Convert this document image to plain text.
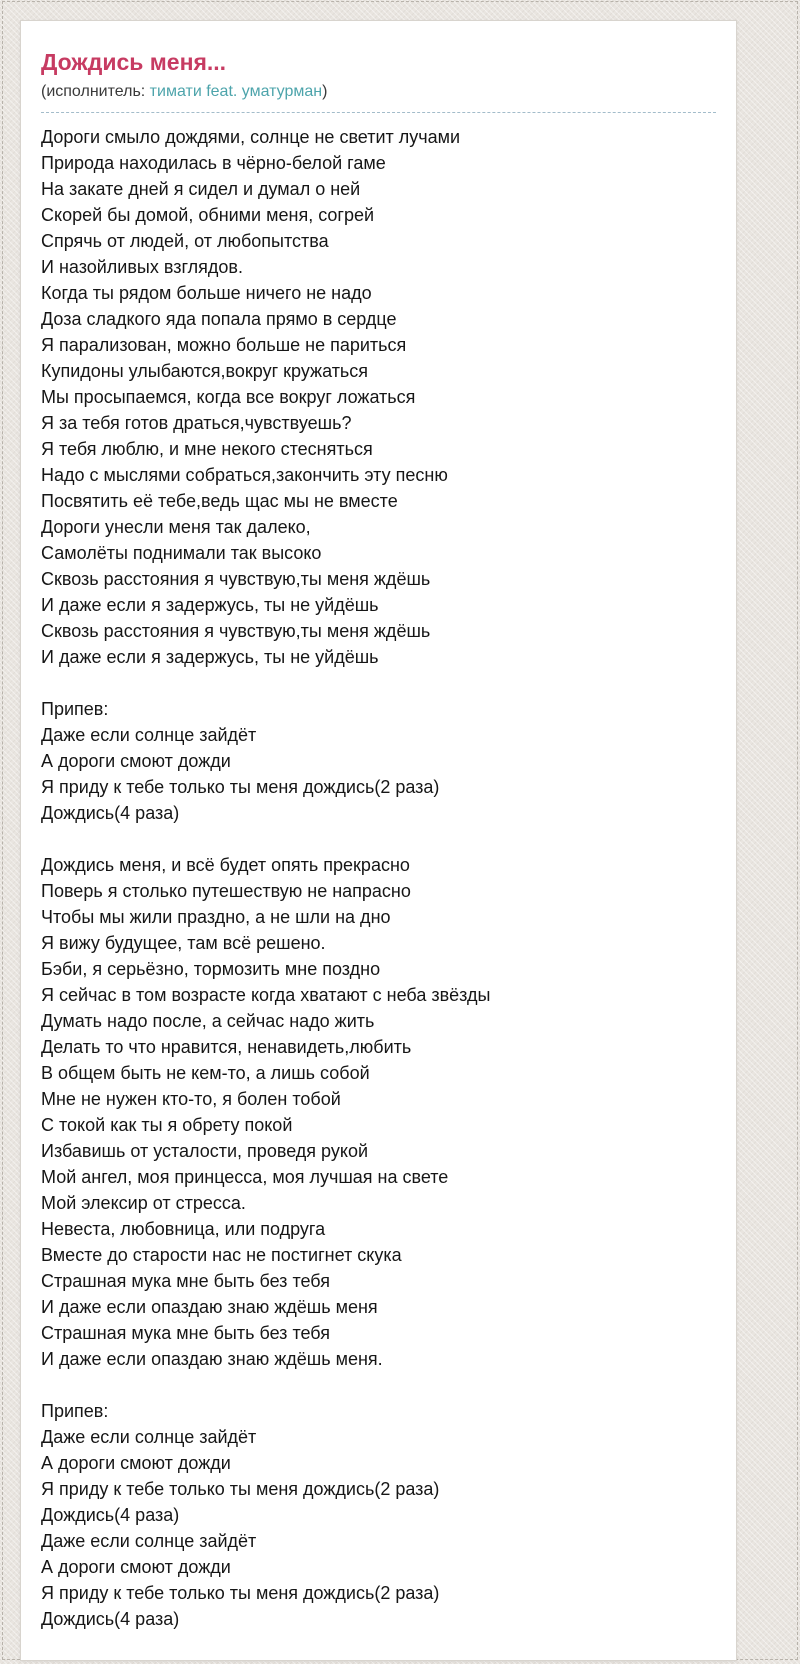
Дождись меня...
(исполнитель: тимати feat. уматурман)
Дороги смыло дождями, солнце не светит лучами
Природа находилась в чёрно-белой гаме
На закате дней я сидел и думал о ней
Скорей бы домой, обними меня, согрей
Спрячь от людей, от любопытства
И назойливых взглядов.
Когда ты рядом больше ничего не надо
Доза сладкого яда попала прямо в сердце
Я парализован, можно больше не париться
Купидоны улыбаются,вокруг кружаться
Мы просыпаемся, когда все вокруг ложаться
Я за тебя готов драться,чувствуешь?
Я тебя люблю, и мне некого стесняться
Надо с мыслями собраться,закончить эту песню
Посвятить её тебе,ведь щас мы не вместе
Дороги унесли меня так далеко,
Самолёты поднимали так высоко
Сквозь расстояния я чувствую,ты меня ждёшь
И даже если я задержусь, ты не уйдёшь
Сквозь расстояния я чувствую,ты меня ждёшь
И даже если я задержусь, ты не уйдёшь
Припев:
Даже если солнце зайдёт
А дороги смоют дожди
Я приду к тебе только ты меня дождись(2 раза)
Дождись(4 раза)
Дождись меня, и всё будет опять прекрасно
Поверь я столько путешествую не напрасно
Чтобы мы жили праздно, а не шли на дно
Я вижу будущее, там всё решено.
Бэби, я серьёзно, тормозить мне поздно
Я сейчас в том возрасте когда хватают с неба звёзды
Думать надо после, а сейчас надо жить
Делать то что нравится, ненавидеть,любить
В общем быть не кем-то, а лишь собой
Мне не нужен кто-то, я болен тобой
С токой как ты я обрету покой
Избавишь от усталости, проведя рукой
Мой ангел, моя принцесса, моя лучшая на свете
Мой элексир от стресса.
Невеста, любовница, или подруга
Вместе до старости нас не постигнет скука
Страшная мука мне быть без тебя
И даже если опаздаю знаю ждёшь меня
Страшная мука мне быть без тебя
И даже если опаздаю знаю ждёшь меня.
Припев:
Даже если солнце зайдёт
А дороги смоют дожди
Я приду к тебе только ты меня дождись(2 раза)
Дождись(4 раза)
Даже если солнце зайдёт
А дороги смоют дожди
Я приду к тебе только ты меня дождись(2 раза)
Дождись(4 раза)
